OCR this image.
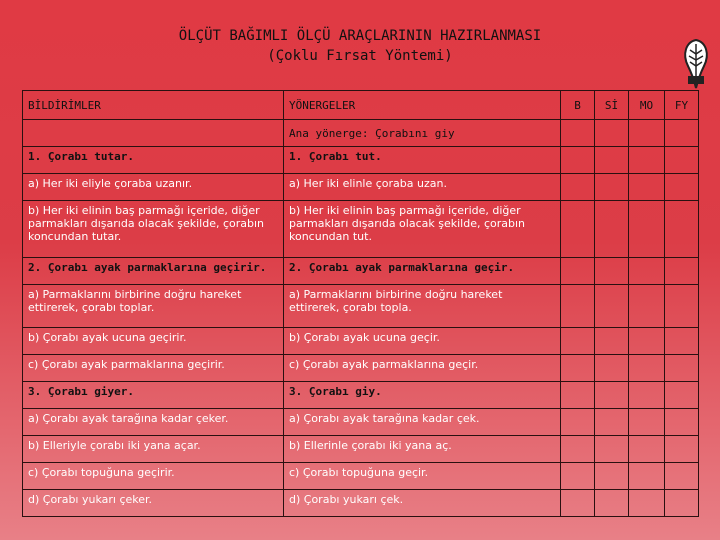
ÖLÇÜT BAĞIMLI ÖLÇÜ ARAÇLARININ HAZIRLANMASI
(Çoklu Fırsat Yöntemi)
BİLDİRİMLER	YÖNERGELER	B	Sİ	MO	FY
	Ana yönerge: Çorabını giy				
1. Çorabı tutar.	1. Çorabı tut.				
a) Her iki eliyle çoraba uzanır.	a) Her iki elinle çoraba uzan.				
b) Her iki elinin baş parmağı içeride, diğer parmakları dışarıda olacak şekilde, çorabın koncundan tutar.	b) Her iki elinin baş parmağı içeride, diğer parmakları dışarıda olacak şekilde, çorabın koncundan tut.				
2. Çorabı ayak parmaklarına geçirir.	2. Çorabı ayak parmaklarına geçir.				
a) Parmaklarını birbirine doğru hareket ettirerek, çorabı toplar.	a) Parmaklarını birbirine doğru hareket ettirerek, çorabı topla.				
b) Çorabı ayak ucuna geçirir.	b) Çorabı ayak ucuna geçir.				
c) Çorabı ayak parmaklarına geçirir.	c) Çorabı ayak parmaklarına geçir.				
3. Çorabı giyer.	3. Çorabı giy.				
a) Çorabı ayak tarağına kadar çeker.	a) Çorabı ayak tarağına kadar çek.				
b) Elleriyle çorabı iki yana açar.	b) Ellerinle çorabı iki yana aç.				
c) Çorabı topuğuna geçirir.	c) Çorabı topuğuna geçir.				
d) Çorabı yukarı çeker.	d) Çorabı yukarı çek.				
